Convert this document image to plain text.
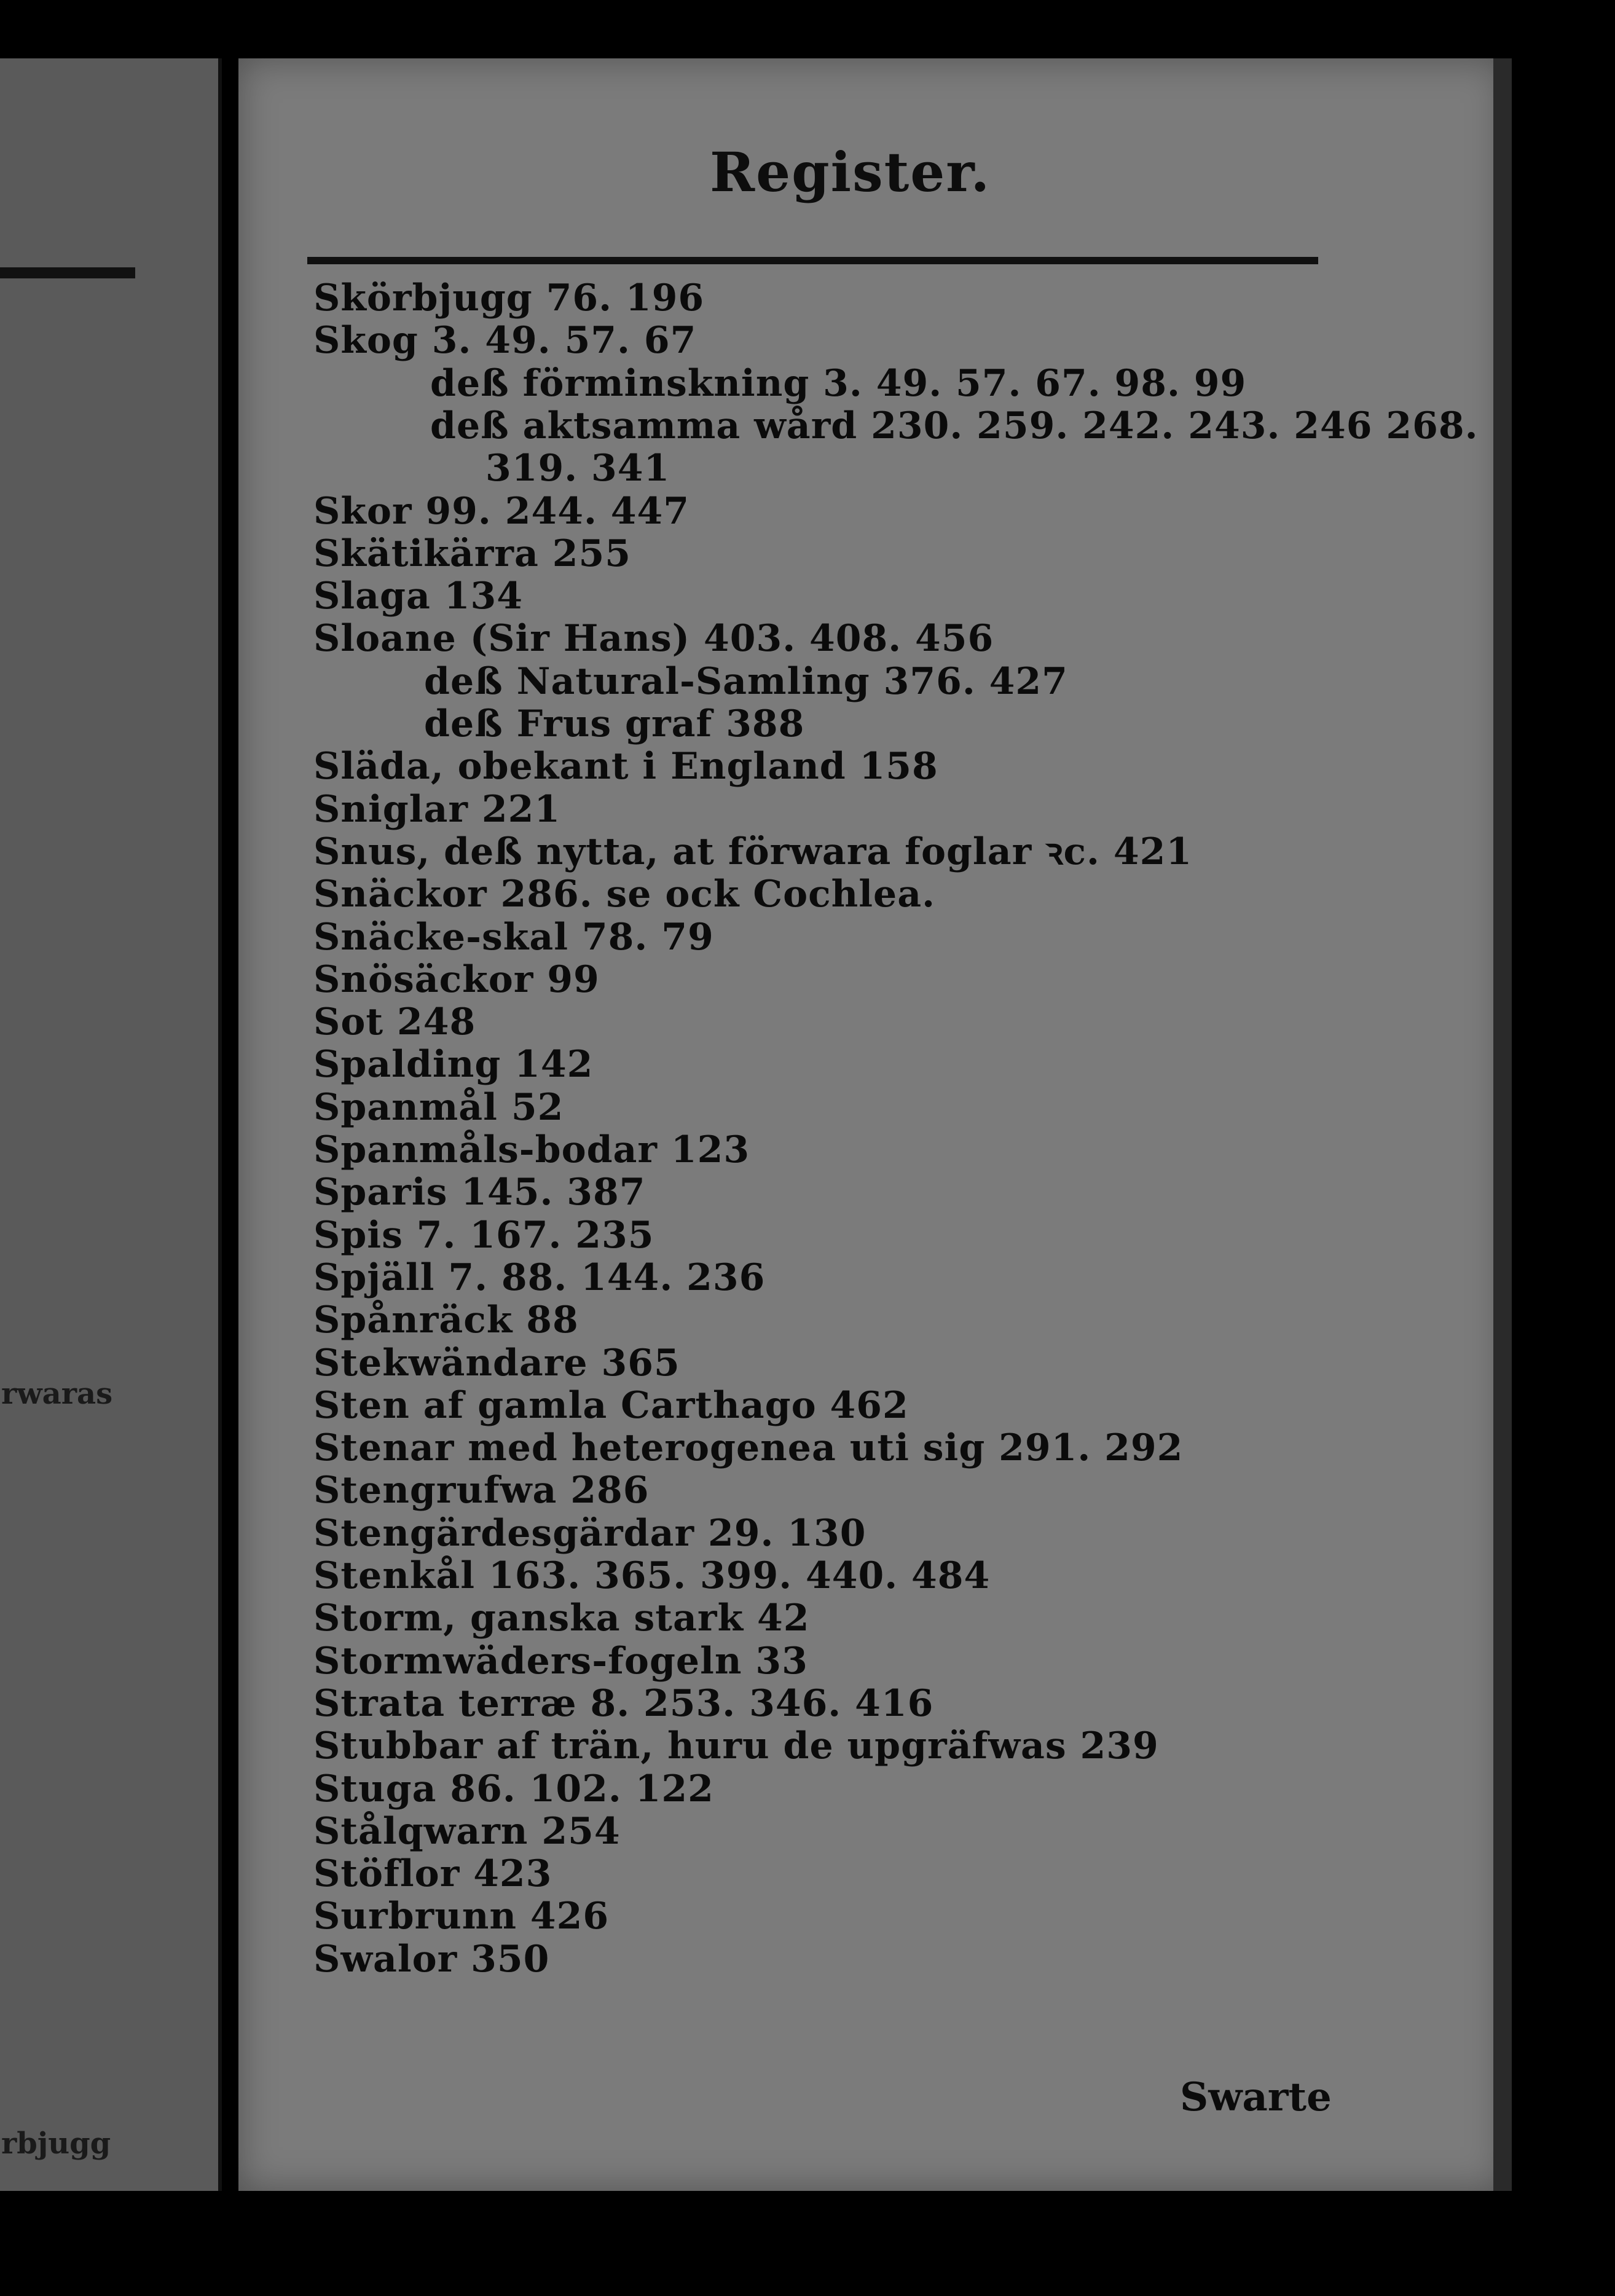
rwaras
rbjugg
Register.
Skörbjugg 76. 196
Skog 3. 49. 57. 67
deß förminskning 3. 49. 57. 67. 98. 99
deß aktsamma wård 230. 259. 242. 243. 246 268.
319. 341
Skor 99. 244. 447
Skätikärra 255
Slaga 134
Sloane (Sir Hans) 403. 408. 456
deß Natural-Samling 376. 427
deß Frus graf 388
Släda, obekant i England 158
Sniglar 221
Snus, deß nytta, at förwara foglar ꝛc. 421
Snäckor 286. se ock Cochlea.
Snäcke-skal 78. 79
Snösäckor 99
Sot 248
Spalding 142
Spanmål 52
Spanmåls-bodar 123
Sparis 145. 387
Spis 7. 167. 235
Spjäll 7. 88. 144. 236
Spånräck 88
Stekwändare 365
Sten af gamla Carthago 462
Stenar med heterogenea uti sig 291. 292
Stengrufwa 286
Stengärdesgärdar 29. 130
Stenkål 163. 365. 399. 440. 484
Storm, ganska stark 42
Stormwäders-fogeln 33
Strata terræ 8. 253. 346. 416
Stubbar af trän, huru de upgräfwas 239
Stuga 86. 102. 122
Stålqwarn 254
Stöflor 423
Surbrunn 426
Swalor 350
Swarte
